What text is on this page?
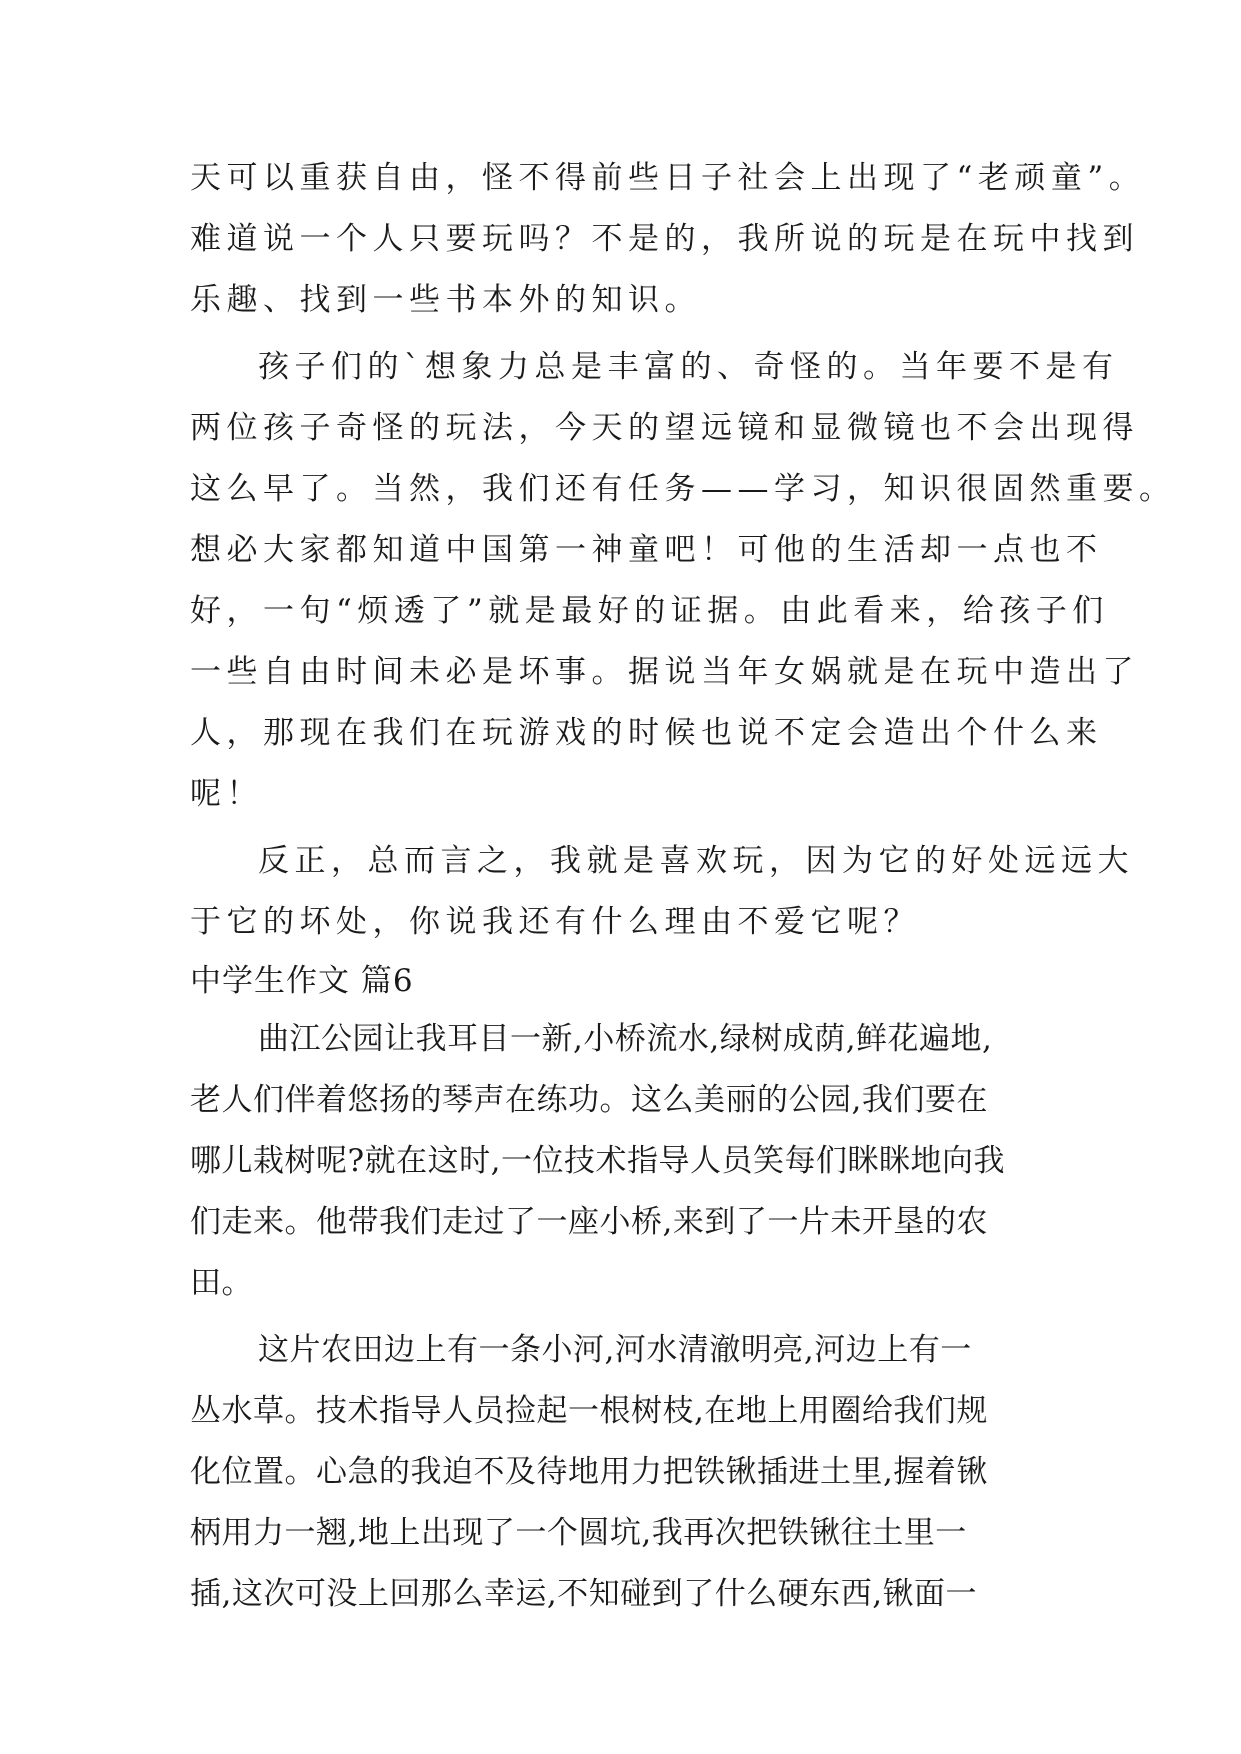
天可以重获自由，怪不得前些日子社会上出现了“老顽童”。
难道说一个人只要玩吗？不是的，我所说的玩是在玩中找到
乐趣、找到一些书本外的知识。
孩子们的`想象力总是丰富的、奇怪的。当年要不是有
两位孩子奇怪的玩法，今天的望远镜和显微镜也不会出现得
这么早了。当然，我们还有任务——学习，知识很固然重要。
想必大家都知道中国第一神童吧！可他的生活却一点也不
好，一句“烦透了”就是最好的证据。由此看来，给孩子们
一些自由时间未必是坏事。据说当年女娲就是在玩中造出了
人，那现在我们在玩游戏的时候也说不定会造出个什么来
呢！
反正，总而言之，我就是喜欢玩，因为它的好处远远大
于它的坏处，你说我还有什么理由不爱它呢？
中学生作文 篇6
曲江公园让我耳目一新,小桥流水,绿树成荫,鲜花遍地,
老人们伴着悠扬的琴声在练功。这么美丽的公园,我们要在
哪儿栽树呢?就在这时,一位技术指导人员笑每们眯眯地向我
们走来。他带我们走过了一座小桥,来到了一片未开垦的农
田。
这片农田边上有一条小河,河水清澈明亮,河边上有一
丛水草。技术指导人员捡起一根树枝,在地上用圈给我们规
化位置。心急的我迫不及待地用力把铁锹插进土里,握着锹
柄用力一翘,地上出现了一个圆坑,我再次把铁锹往土里一
插,这次可没上回那么幸运,不知碰到了什么硬东西,锹面一
